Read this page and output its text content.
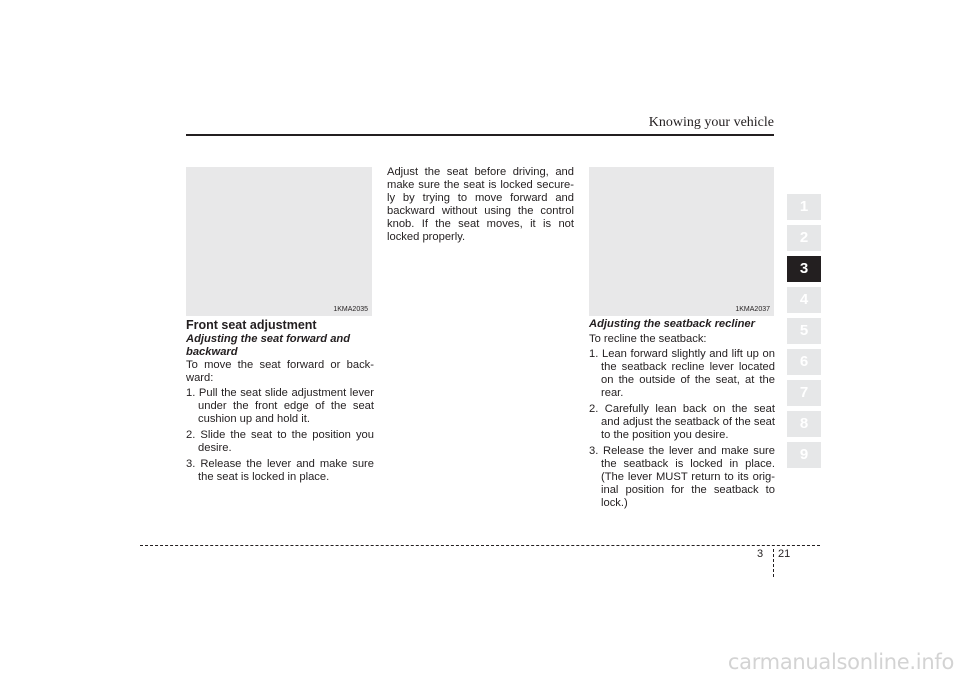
Knowing your vehicle
1KMA2035	1KMA2037

Front seat adjustment

Adjusting the seat forward and backward

To move the seat forward or back-ward:

1. Pull the seat slide adjustment lever under the front edge of the seat cushion up and hold it.
2. Slide the seat to the position you desire.
3. Release the lever and make sure the seat is locked in place.

Adjust the seat before driving, and make sure the seat is locked secure-ly by trying to move forward and backward without using the control knob. If the seat moves, it is not locked properly.

Adjusting the seatback recliner

To recline the seatback:

1. Lean forward slightly and lift up on the seatback recline lever located on the outside of the seat, at the rear.
2. Carefully lean back on the seat and adjust the seatback of the seat to the position you desire.
3. Release the lever and make sure the seatback is locked in place. (The lever MUST return to its orig-inal position for the seatback to lock.)
1
2
3
4
5
6
7
8
9
3 21
carmanualsonline.info
